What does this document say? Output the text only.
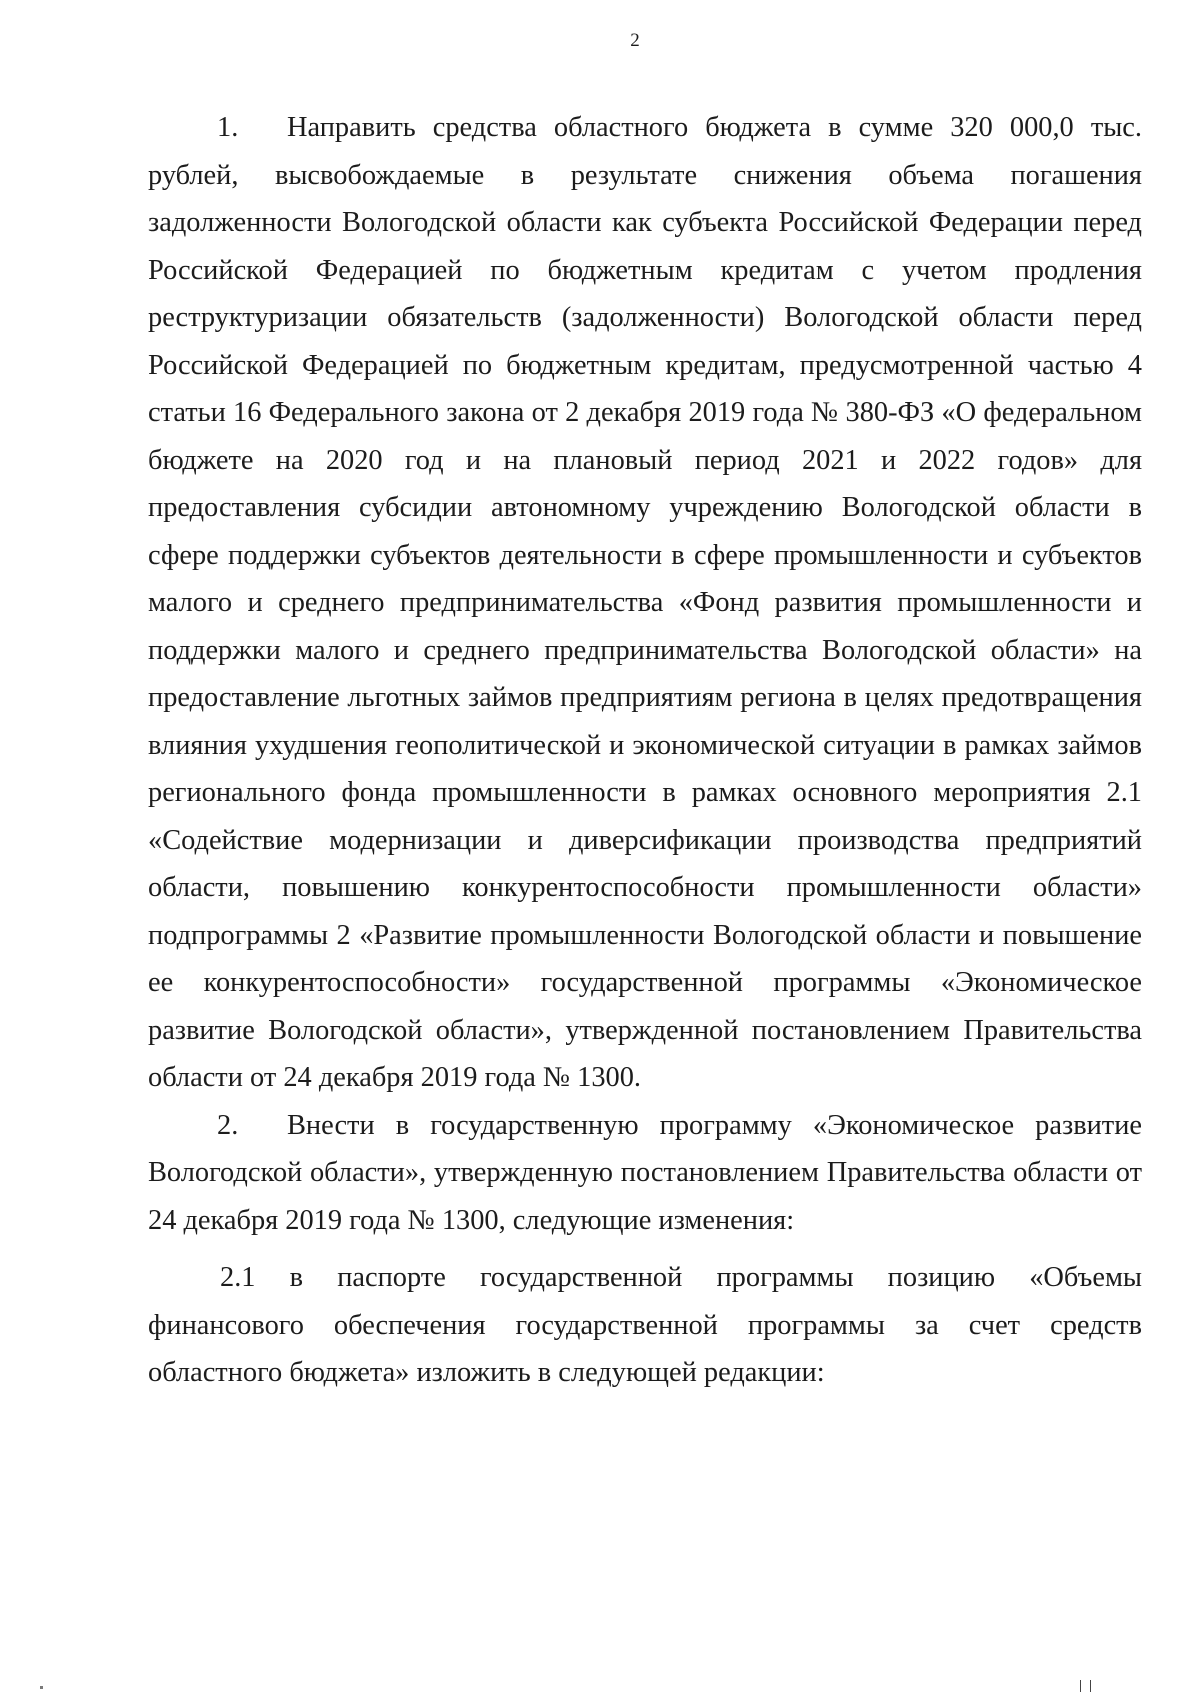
2

1. Направить средства областного бюджета в сумме 320 000,0 тыс. рублей, высвобождаемые в результате снижения объема погашения задолженности Вологодской области как субъекта Российской Федерации перед Российской Федерацией по бюджетным кредитам с учетом продления реструктуризации обязательств (задолженности) Вологодской области перед Российской Федерацией по бюджетным кредитам, предусмотренной частью 4 статьи 16 Федерального закона от 2 декабря 2019 года № 380-ФЗ «О федеральном бюджете на 2020 год и на плановый период 2021 и 2022 годов» для предоставления субсидии автономному учреждению Вологодской области в сфере поддержки субъектов деятельности в сфере промышленности и субъектов малого и среднего предпринимательства «Фонд развития промышленности и поддержки малого и среднего предпринимательства Вологодской области» на предоставление льготных займов предприятиям региона в целях предотвращения влияния ухудшения геополитической и экономической ситуации в рамках займов регионального фонда промышленности в рамках основного мероприятия 2.1 «Содействие модернизации и диверсификации производства предприятий области, повышению конкурентоспособности промышленности области» подпрограммы 2 «Развитие промышленности Вологодской области и повышение ее конкурентоспособности» государственной программы «Экономическое развитие Вологодской области», утвержденной постановлением Правительства области от 24 декабря 2019 года № 1300.

2. Внести в государственную программу «Экономическое развитие Вологодской области», утвержденную постановлением Правительства области от 24 декабря 2019 года № 1300, следующие изменения:

2.1 в паспорте государственной программы позицию «Объемы финансового обеспечения государственной программы за счет средств областного бюджета» изложить в следующей редакции:
